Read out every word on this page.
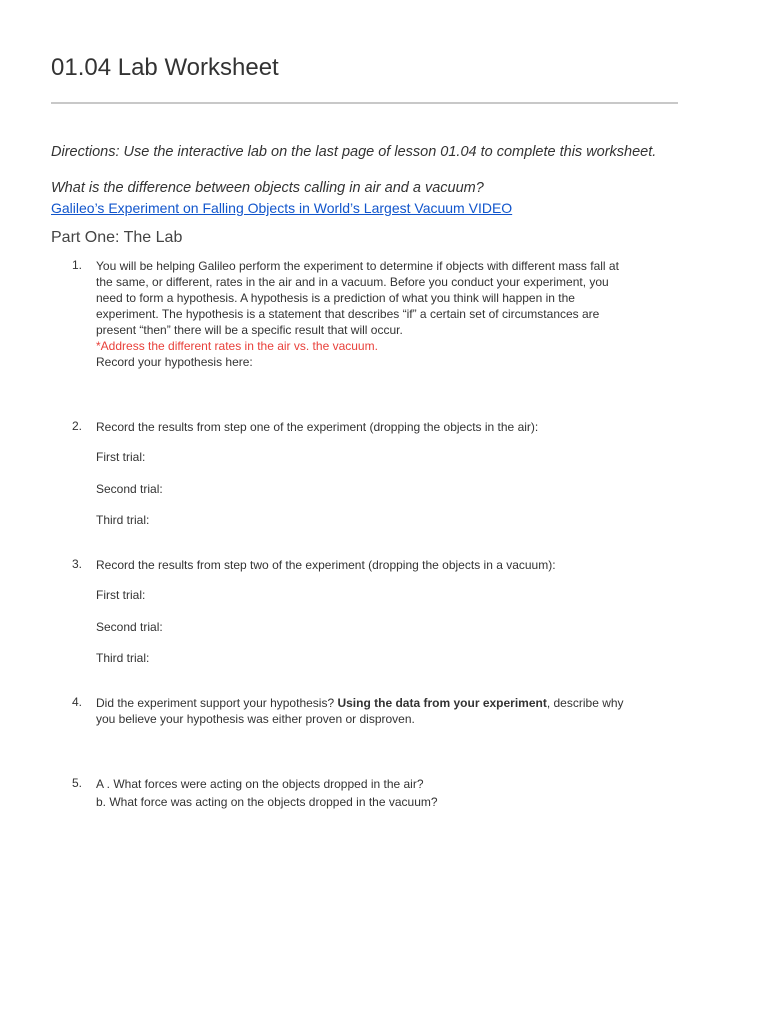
01.04 Lab Worksheet
Directions: Use the interactive lab on the last page of lesson 01.04 to complete this worksheet.
What is the difference between objects calling in air and a vacuum?
Galileo’s Experiment on Falling Objects in World’s Largest Vacuum VIDEO
Part One: The Lab
1. You will be helping Galileo perform the experiment to determine if objects with different mass fall at
the same, or different, rates in the air and in a vacuum. Before you conduct your experiment, you
need to form a hypothesis. A hypothesis is a prediction of what you think will happen in the
experiment. The hypothesis is a statement that describes “if” a certain set of circumstances are
present “then” there will be a specific result that will occur.
*Address the different rates in the air vs. the vacuum.
Record your hypothesis here:
2. Record the results from step one of the experiment (dropping the objects in the air):
First trial:
Second trial:
Third trial:
3. Record the results from step two of the experiment (dropping the objects in a vacuum):
First trial:
Second trial:
Third trial:
4. Did the experiment support your hypothesis? Using the data from your experiment, describe why
you believe your hypothesis was either proven or disproven.
5. A . What forces were acting on the objects dropped in the air?
b. What force was acting on the objects dropped in the vacuum?
